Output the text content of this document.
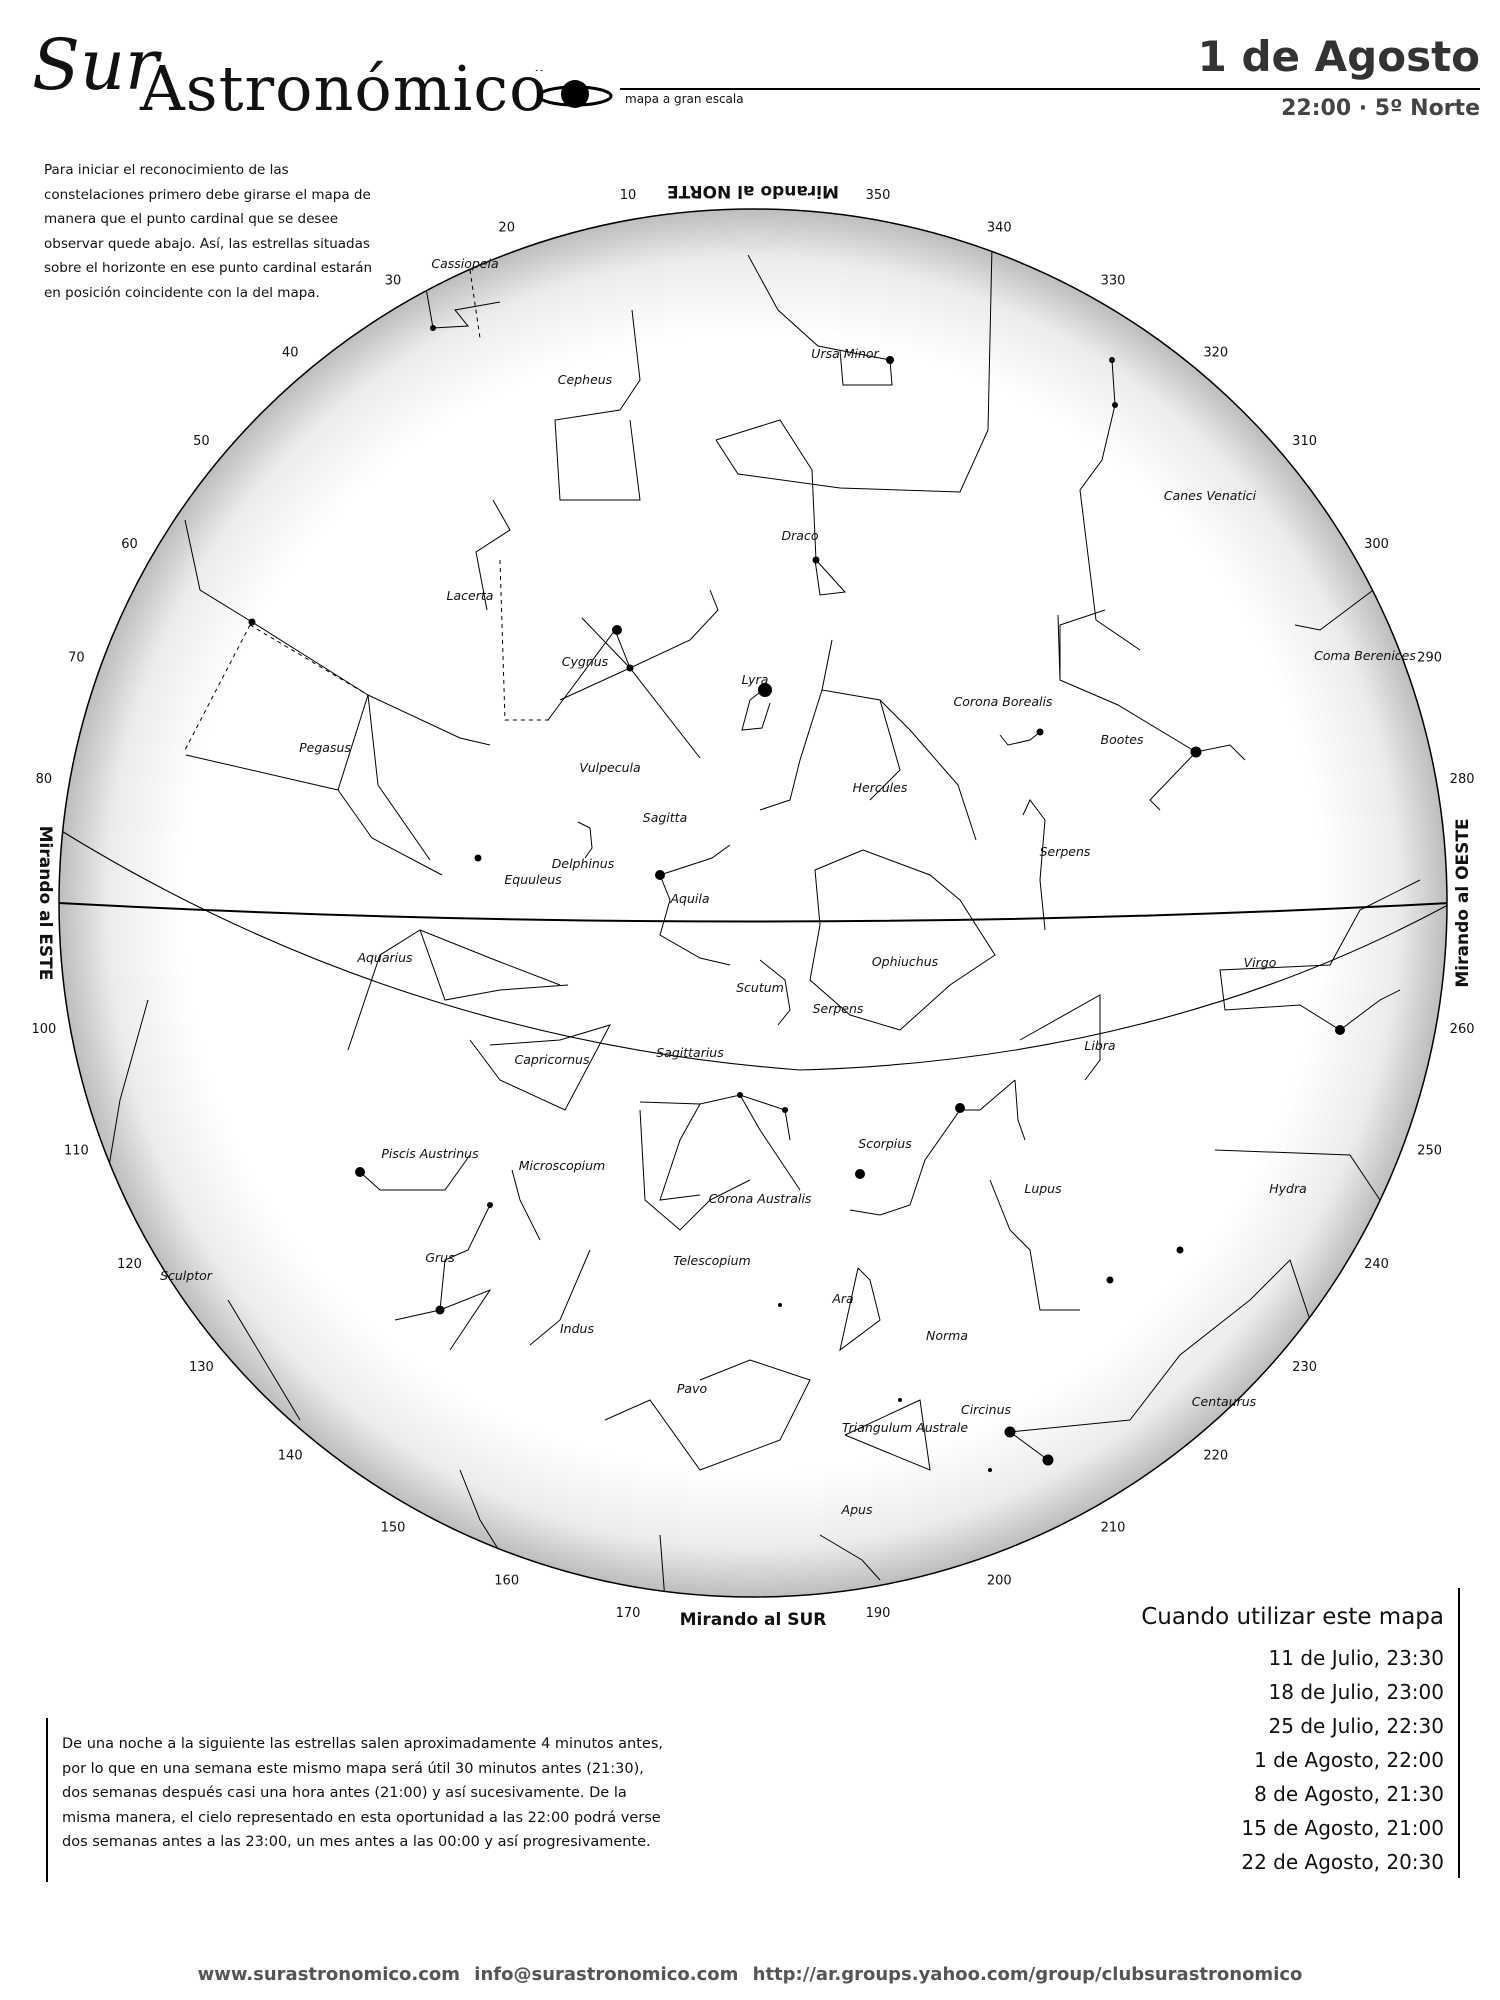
Sur
Astronómico	mapa a gran escala
1 de Agosto
22:00 · 5º Norte
Para iniciar el reconocimiento de las constelaciones primero debe girarse el mapa de manera que el punto cardinal que se desee observar quede abajo. Así, las estrellas situadas sobre el horizonte en ese punto cardinal estarán en posición coincidente con la del mapa.
10
20
30
40
50
60
70
80
100
110
120
130
140
150
160
170	190
200
210
220
230
240
250
260
280
290
300
310
320
330
340
350
Cassiopeia
Cepheus
Ursa Minor
Draco
Lacerta
Cygnus
Lyra
Pegasus
Vulpecula
Sagitta
Delphinus
Equuleus
Aquila
Corona Borealis
Bootes
Hercules
Serpens
Canes Venatici
Coma Berenices
Aquarius	Ophiuchus
Scutum
Serpens
Virgo
Capricornus	Sagittarius	Libra
Piscis Austrinus
Microscopium
Scorpius
Corona Australis
Lupus	Hydra
Grus	Telescopium
Sculptor
Indus
Ara
Norma
Pavo
Circinus
Triangulum Australe
Centaurus
Apus
Mirando al NORTE
Mirando al SUR
Mirando al ESTE	Mirando al OESTE
Cuando utilizar este mapa
11 de Julio, 23:30
18 de Julio, 23:00
25 de Julio, 22:30
1 de Agosto, 22:00
8 de Agosto, 21:30
15 de Agosto, 21:00
22 de Agosto, 20:30
De una noche a la siguiente las estrellas salen aproximadamente 4 minutos antes, por lo que en una semana este mismo mapa será útil 30 minutos antes (21:30), dos semanas después casi una hora antes (21:00) y así sucesivamente. De la misma manera, el cielo representado en esta oportunidad a las 22:00 podrá verse dos semanas antes a las 23:00, un mes antes a las 00:00 y así progresivamente.
www.surastronomico.com info@surastronomico.com http://ar.groups.yahoo.com/group/clubsurastronomico
